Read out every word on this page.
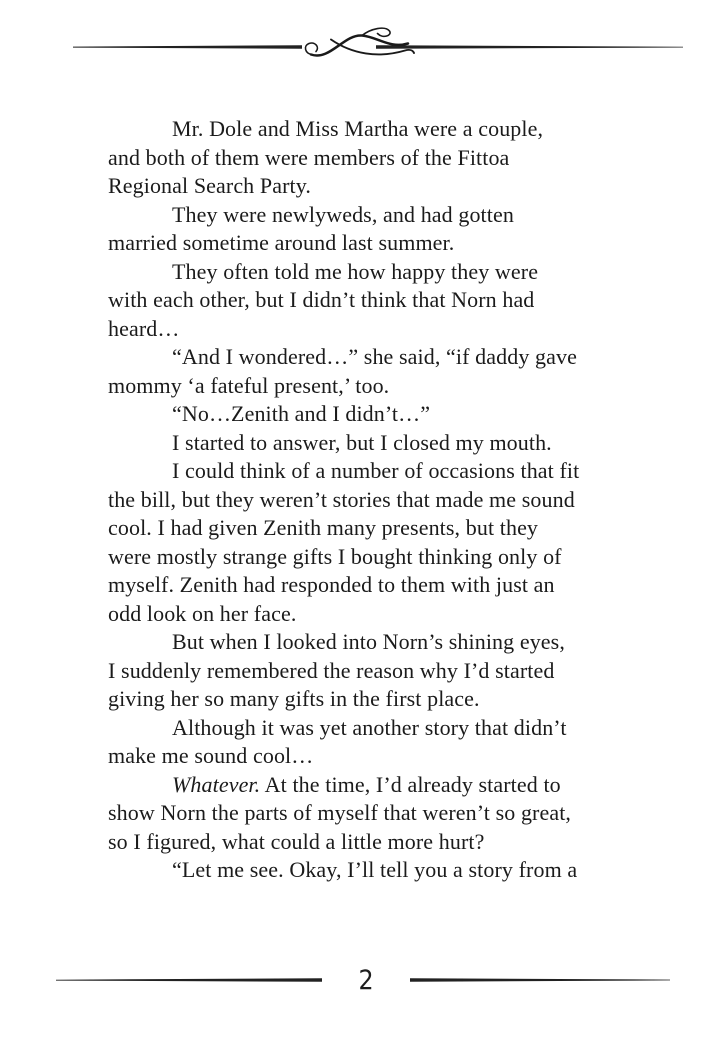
Mr. Dole and Miss Martha were a couple,
and both of them were members of the Fittoa
Regional Search Party.

They were newlyweds, and had gotten
married sometime around last summer.

They often told me how happy they were
with each other, but I didn’t think that Norn had
heard…

“And I wondered…” she said, “if daddy gave
mommy ‘a fateful present,’ too.

“No…Zenith and I didn’t…”

I started to answer, but I closed my mouth.

I could think of a number of occasions that fit
the bill, but they weren’t stories that made me sound
cool. I had given Zenith many presents, but they
were mostly strange gifts I bought thinking only of
myself. Zenith had responded to them with just an
odd look on her face.

But when I looked into Norn’s shining eyes,
I suddenly remembered the reason why I’d started
giving her so many gifts in the first place.

Although it was yet another story that didn’t
make me sound cool…

Whatever. At the time, I’d already started to
show Norn the parts of myself that weren’t so great,
so I figured, what could a little more hurt?

“Let me see. Okay, I’ll tell you a story from a

2
